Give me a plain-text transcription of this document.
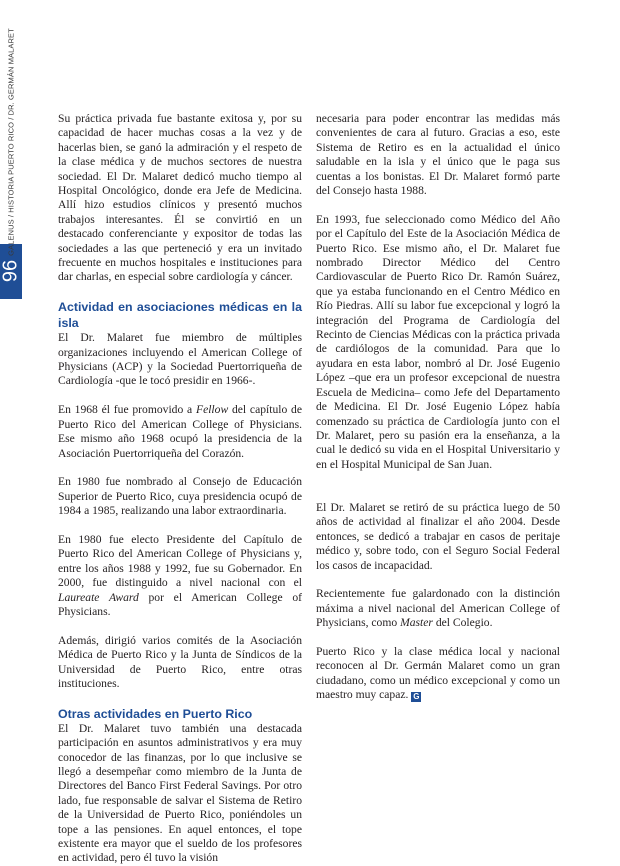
96
GALENUS / HISTORIA PUERTO RICO / DR. GERMÁN MALARET	Su práctica privada fue bastante exitosa y, por su capacidad de hacer muchas cosas a la vez y de hacerlas bien, se ganó la admiración y el respeto de la clase médica y de muchos sectores de nuestra sociedad. El Dr. Malaret dedicó mucho tiempo al Hospital Oncológico, donde era Jefe de Medicina. Allí hizo estudios clínicos y presentó muchos trabajos interesantes. Él se convirtió en un destacado conferenciante y expositor de todas las sociedades a las que perteneció y era un invitado frecuente en muchos hospitales e instituciones para dar charlas, en especial sobre cardiología y cáncer.

Actividad en asociaciones médicas en la isla

El Dr. Malaret fue miembro de múltiples organizaciones incluyendo el American College of Physicians (ACP) y la Sociedad Puertorriqueña de Cardiología -que le tocó presidir en 1966-.

En 1968 él fue promovido a Fellow del capítulo de Puerto Rico del American College of Physicians. Ese mismo año 1968 ocupó la presidencia de la Asociación Puertorriqueña del Corazón.

En 1980 fue nombrado al Consejo de Educación Superior de Puerto Rico, cuya presidencia ocupó de 1984 a 1985, realizando una labor extraordinaria.

En 1980 fue electo Presidente del Capítulo de Puerto Rico del American College of Physicians y, entre los años 1988 y 1992, fue su Gobernador. En 2000, fue distinguido a nivel nacional con el Laureate Award por el American College of Physicians.

Además, dirigió varios comités de la Asociación Médica de Puerto Rico y la Junta de Síndicos de la Universidad de Puerto Rico, entre otras instituciones.

Otras actividades en Puerto Rico

El Dr. Malaret tuvo también una destacada participación en asuntos administrativos y era muy conocedor de las finanzas, por lo que inclusive se llegó a desempeñar como miembro de la Junta de Directores del Banco First Federal Savings. Por otro lado, fue responsable de salvar el Sistema de Retiro de la Universidad de Puerto Rico, poniéndoles un tope a las pensiones. En aquel entonces, el tope existente era mayor que el sueldo de los profesores en actividad, pero él tuvo la visión

necesaria para poder encontrar las medidas más convenientes de cara al futuro. Gracias a eso, este Sistema de Retiro es en la actualidad el único saludable en la isla y el único que le paga sus cuentas a los bonistas. El Dr. Malaret formó parte del Consejo hasta 1988.

En 1993, fue seleccionado como Médico del Año por el Capítulo del Este de la Asociación Médica de Puerto Rico. Ese mismo año, el Dr. Malaret fue nombrado Director Médico del Centro Cardiovascular de Puerto Rico Dr. Ramón Suárez, que ya estaba funcionando en el Centro Médico en Río Piedras. Allí su labor fue excepcional y logró la integración del Programa de Cardiología del Recinto de Ciencias Médicas con la práctica privada de cardiólogos de la comunidad. Para que lo ayudara en esta labor, nombró al Dr. José Eugenio López –que era un profesor excepcional de nuestra Escuela de Medicina– como Jefe del Departamento de Medicina. El Dr. José Eugenio López había comenzado su práctica de Cardiología junto con el Dr. Malaret, pero su pasión era la enseñanza, a la cual le dedicó su vida en el Hospital Universitario y en el Hospital Municipal de San Juan.

El Dr. Malaret se retiró de su práctica luego de 50 años de actividad al finalizar el año 2004. Desde entonces, se dedicó a trabajar en casos de peritaje médico y, sobre todo, con el Seguro Social Federal los casos de incapacidad.

Recientemente fue galardonado con la distinción máxima a nivel nacional del American College of Physicians, como Master del Colegio.

Puerto Rico y la clase médica local y nacional reconocen al Dr. Germán Malaret como un gran ciudadano, como un médico excepcional y como un maestro muy capaz. G
